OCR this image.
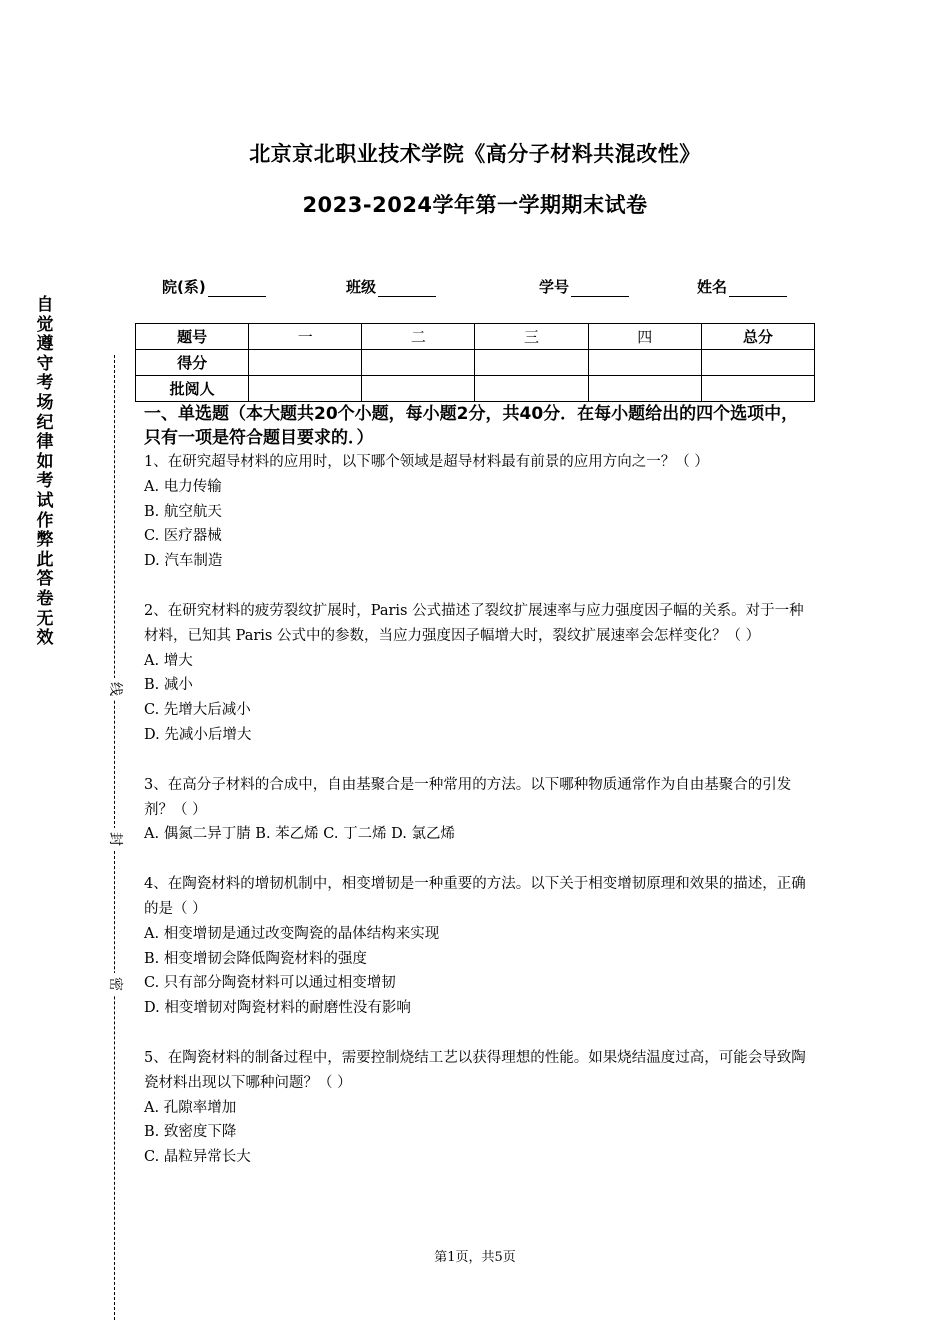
北京京北职业技术学院《高分子材料共混改性》
2023-2024学年第一学期期末试卷
院(系)	班级	学号	姓名
题号	一	二	三	四	总分
得分					
批阅人					
自
觉
遵
守
考
场
纪
律
如
考
试
作
弊
此
答
卷
无
效
线
封
密
一、单选题（本大题共20个小题，每小题2分，共40分．在每小题给出的四个选项中，只有一项是符合题目要求的．）

1、在研究超导材料的应用时，以下哪个领域是超导材料最有前景的应用方向之一？（ ）

A. 电力传输

B. 航空航天

C. 医疗器械

D. 汽车制造

2、在研究材料的疲劳裂纹扩展时，Paris 公式描述了裂纹扩展速率与应力强度因子幅的关系。对于一种材料，已知其 Paris 公式中的参数，当应力强度因子幅增大时，裂纹扩展速率会怎样变化？（ ）

A. 增大

B. 减小

C. 先增大后减小

D. 先减小后增大

3、在高分子材料的合成中，自由基聚合是一种常用的方法。以下哪种物质通常作为自由基聚合的引发剂？（ ）

A. 偶氮二异丁腈 B. 苯乙烯 C. 丁二烯 D. 氯乙烯

4、在陶瓷材料的增韧机制中，相变增韧是一种重要的方法。以下关于相变增韧原理和效果的描述，正确的是（ ）

A. 相变增韧是通过改变陶瓷的晶体结构来实现

B. 相变增韧会降低陶瓷材料的强度

C. 只有部分陶瓷材料可以通过相变增韧

D. 相变增韧对陶瓷材料的耐磨性没有影响

5、在陶瓷材料的制备过程中，需要控制烧结工艺以获得理想的性能。如果烧结温度过高，可能会导致陶瓷材料出现以下哪种问题？（ ）

A. 孔隙率增加

B. 致密度下降

C. 晶粒异常长大

第1页，共5页
